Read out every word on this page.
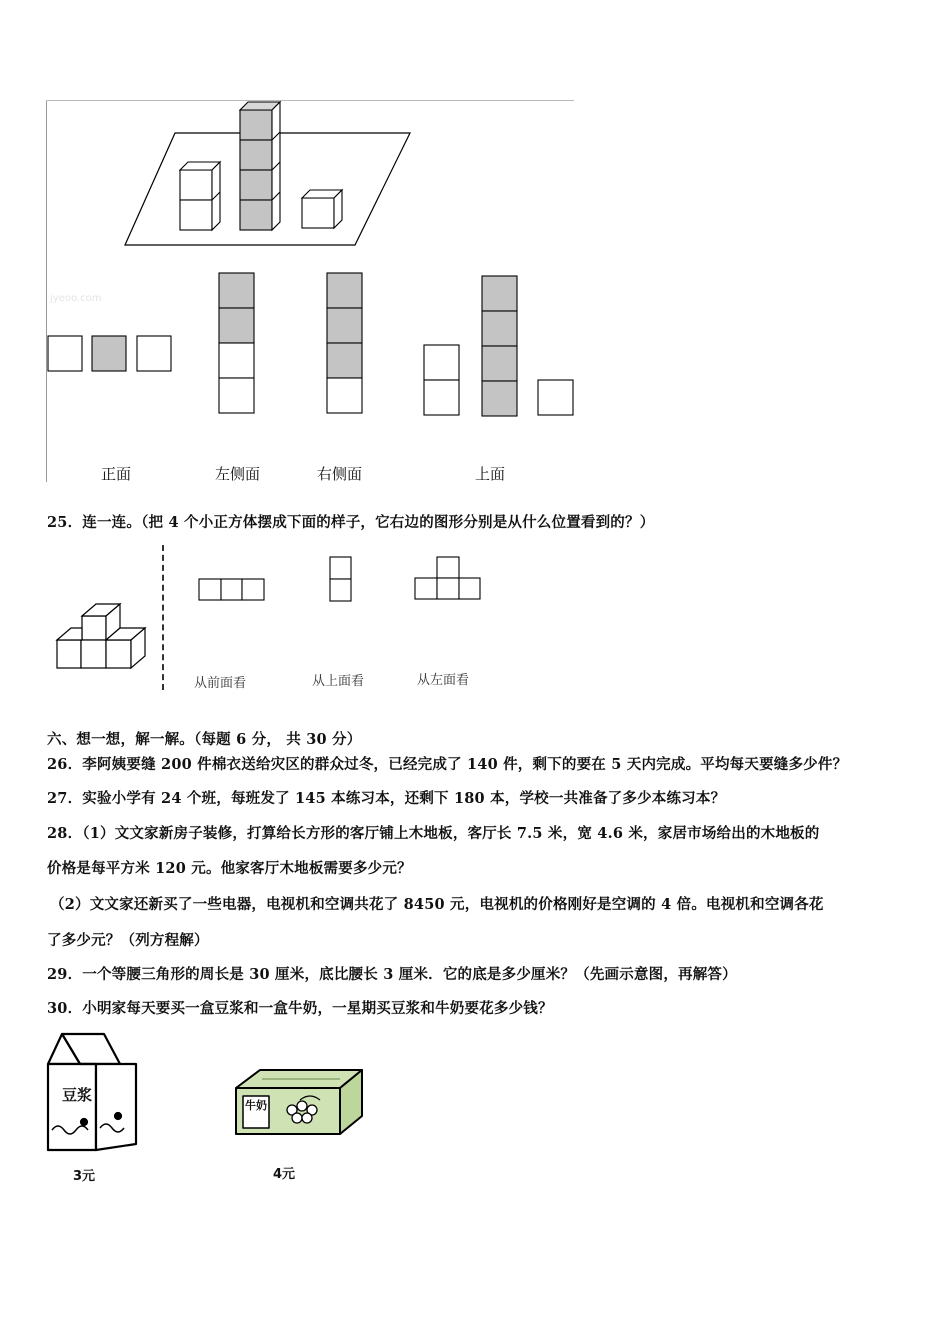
jyeoo.com
正面	左侧面	右侧面	上面
25．连一连。（把 4 个小正方体摆成下面的样子，它右边的图形分别是从什么位置看到的？）
从前面看	从上面看	从左面看
六、想一想，解一解。（每题 6 分， 共 30 分）
26．李阿姨要缝 200 件棉衣送给灾区的群众过冬，已经完成了 140 件，剩下的要在 5 天内完成。平均每天要缝多少件？
27．实验小学有 24 个班，每班发了 145 本练习本，还剩下 180 本，学校一共准备了多少本练习本？
28．（1）文文家新房子装修，打算给长方形的客厅铺上木地板，客厅长 7.5 米，宽 4.6 米，家居市场给出的木地板的
价格是每平方米 120 元。他家客厅木地板需要多少元？
（2）文文家还新买了一些电器，电视机和空调共花了 8450 元，电视机的价格刚好是空调的 4 倍。电视机和空调各花
了多少元？（列方程解）
29．一个等腰三角形的周长是 30 厘米，底比腰长 3 厘米．它的底是多少厘米？（先画示意图，再解答）
30．小明家每天要买一盒豆浆和一盒牛奶，一星期买豆浆和牛奶要花多少钱？
豆浆
3元
牛奶
4元
